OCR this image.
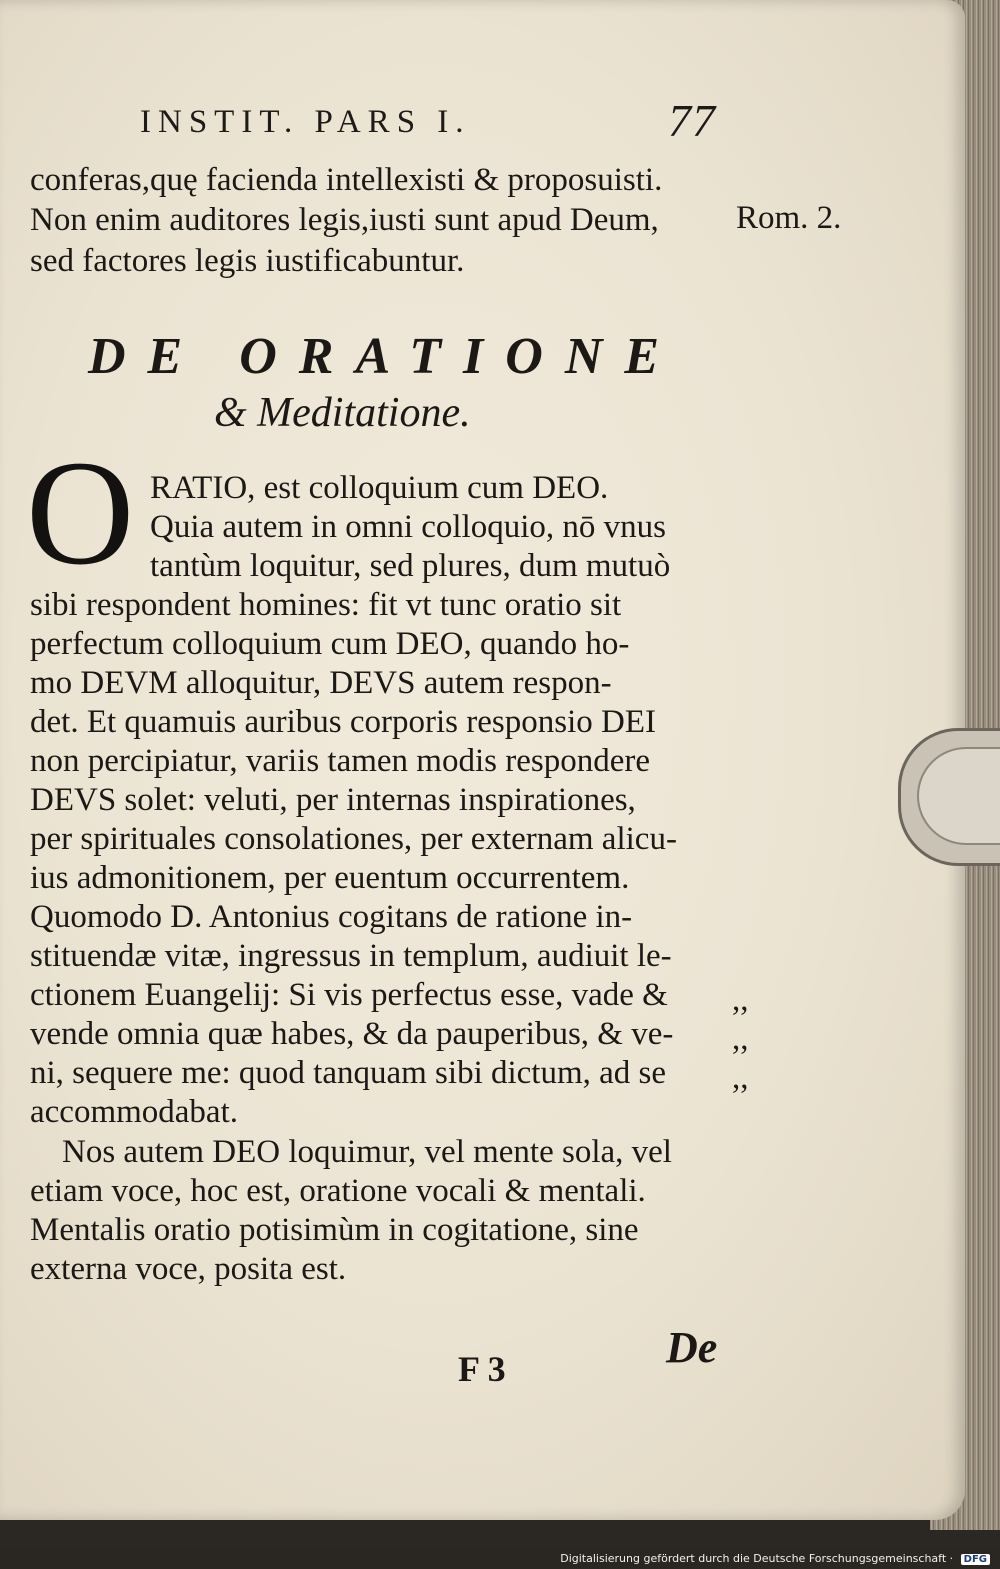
INSTIT. PARS I.	77
conferas,quę facienda intellexisti & proposuisti.
Non enim auditores legis,iusti sunt apud Deum,
sed factores legis iustificabuntur.
Rom. 2.
DE ORATIONE
& Meditatione.
O RATIO, est colloquium cum DEO.
Quia autem in omni colloquio, nō vnus
tantùm loquitur, sed plures, dum mutuò
sibi respondent homines: fit vt tunc oratio sit
perfectum colloquium cum DEO, quando ho-
mo DEVM alloquitur, DEVS autem respon-
det. Et quamuis auribus corporis responsio DEI
non percipiatur, variis tamen modis respondere
DEVS solet: veluti, per internas inspirationes,
per spirituales consolationes, per externam alicu-
ius admonitionem, per euentum occurrentem.
Quomodo D. Antonius cogitans de ratione in-
stituendæ vitæ, ingressus in templum, audiuit le-
ctionem Euangelij: Si vis perfectus esse, vade &
vende omnia quæ habes, & da pauperibus, & ve-
ni, sequere me: quod tanquam sibi dictum, ad se
accommodabat.
,,
,,
,,
Nos autem DEO loquimur, vel mente sola, vel
etiam voce, hoc est, oratione vocali & mentali.
Mentalis oratio potisimùm in cogitatione, sine
externa voce, posita est.
F 3	De
Digitalisierung gefördert durch die Deutsche Forschungsgemeinschaft · DFG
